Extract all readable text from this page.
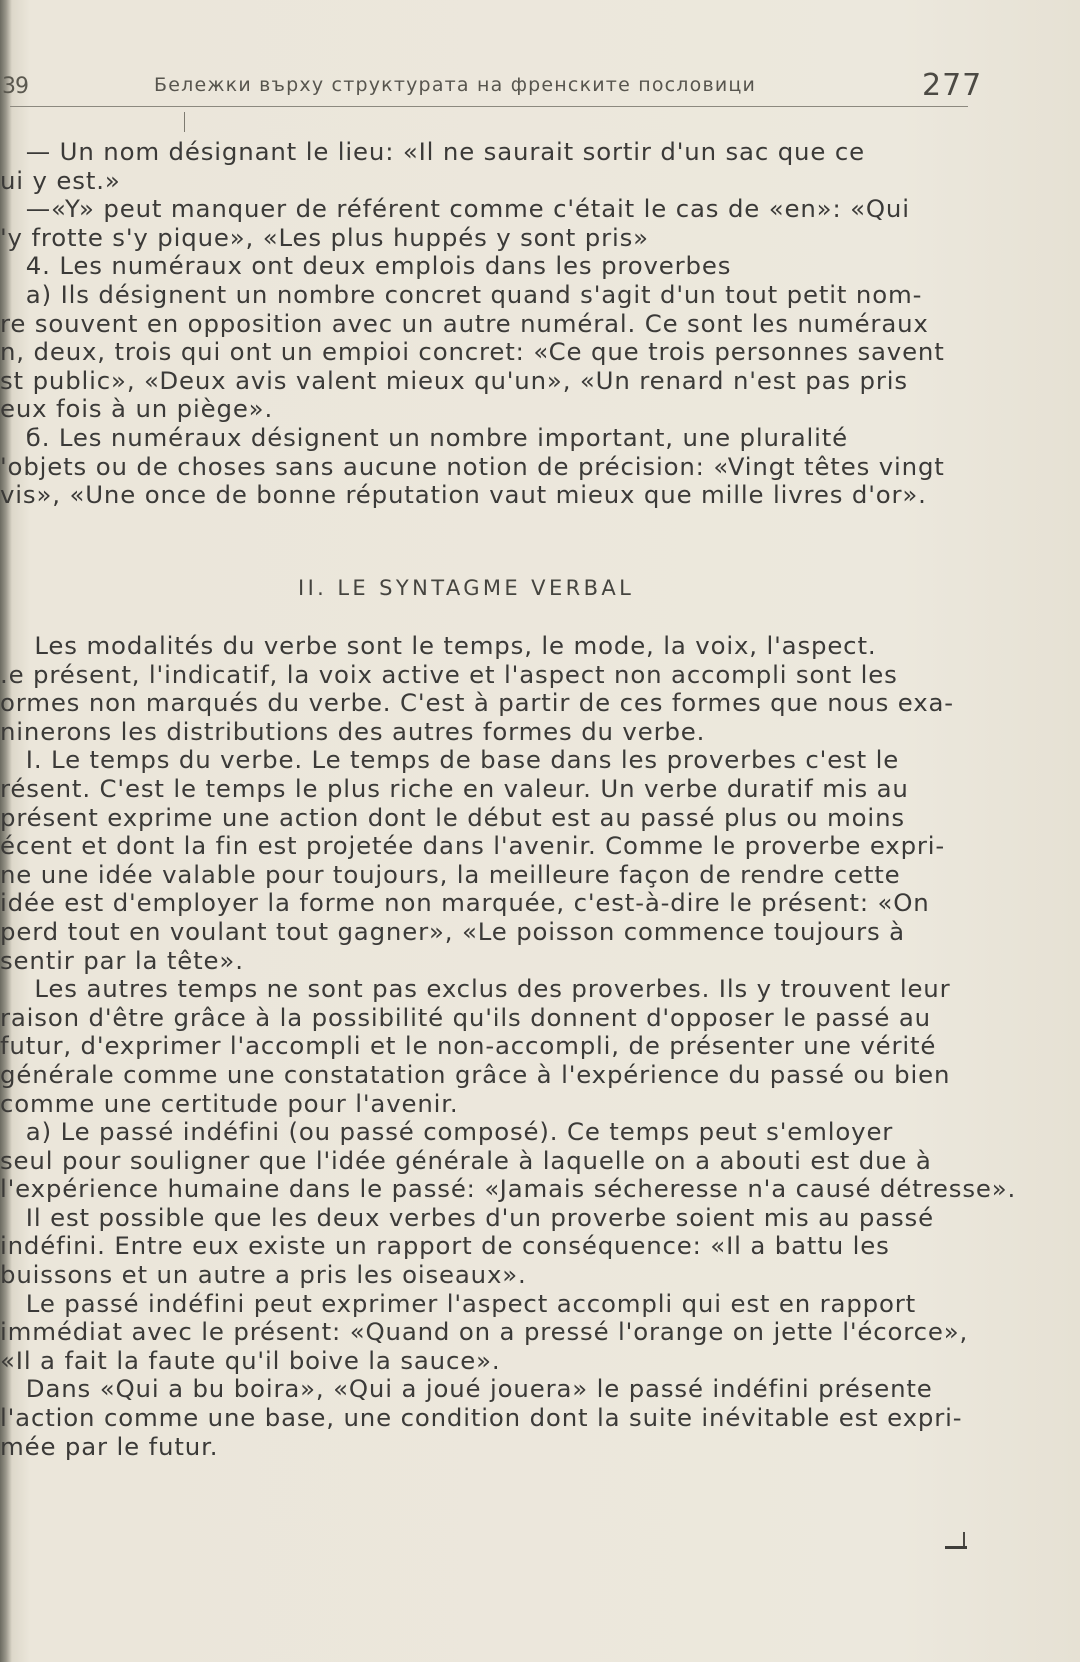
39	Бележки върху структурата на френските пословици	277
— Un nom désignant le lieu: «Il ne saurait sortir d'un sac que ce
ui y est.»
—«Y» peut manquer de référent comme c'était le cas de «en»: «Qui
'y frotte s'y pique», «Les plus huppés y sont pris»
4. Les numéraux ont deux emplois dans les proverbes
a) Ils désignent un nombre concret quand s'agit d'un tout petit nom-
re souvent en opposition avec un autre numéral. Ce sont les numéraux
n, deux, trois qui ont un empioi concret: «Ce que trois personnes savent
st public», «Deux avis valent mieux qu'un», «Un renard n'est pas pris
eux fois à un piège».
б. Les numéraux désignent un nombre important, une pluralité
'objets ou de choses sans aucune notion de précision: «Vingt têtes vingt
vis», «Une once de bonne réputation vaut mieux que mille livres d'or».
II. LE SYNTAGME VERBAL
Les modalités du verbe sont le temps, le mode, la voix, l'aspect.
.e présent, l'indicatif, la voix active et l'aspect non accompli sont les
ormes non marqués du verbe. C'est à partir de ces formes que nous exa-
ninerons les distributions des autres formes du verbe.
I. Le temps du verbe. Le temps de base dans les proverbes c'est le
résent. C'est le temps le plus riche en valeur. Un verbe duratif mis au
présent exprime une action dont le début est au passé plus ou moins
écent et dont la fin est projetée dans l'avenir. Comme le proverbe expri-
ne une idée valable pour toujours, la meilleure façon de rendre cette
idée est d'employer la forme non marquée, c'est-à-dire le présent: «On
perd tout en voulant tout gagner», «Le poisson commence toujours à
sentir par la tête».
Les autres temps ne sont pas exclus des proverbes. Ils y trouvent leur
raison d'être grâce à la possibilité qu'ils donnent d'opposer le passé au
futur, d'exprimer l'accompli et le non-accompli, de présenter une vérité
générale comme une constatation grâce à l'expérience du passé ou bien
comme une certitude pour l'avenir.
a) Le passé indéfini (ou passé composé). Ce temps peut s'emloyer
seul pour souligner que l'idée générale à laquelle on a abouti est due à
l'expérience humaine dans le passé: «Jamais sécheresse n'a causé détresse».
Il est possible que les deux verbes d'un proverbe soient mis au passé
indéfini. Entre eux existe un rapport de conséquence: «Il a battu les
buissons et un autre a pris les oiseaux».
Le passé indéfini peut exprimer l'aspect accompli qui est en rapport
immédiat avec le présent: «Quand on a pressé l'orange on jette l'écorce»,
«Il a fait la faute qu'il boive la sauce».
Dans «Qui a bu boira», «Qui a joué jouera» le passé indéfini présente
l'action comme une base, une condition dont la suite inévitable est expri-
mée par le futur.
